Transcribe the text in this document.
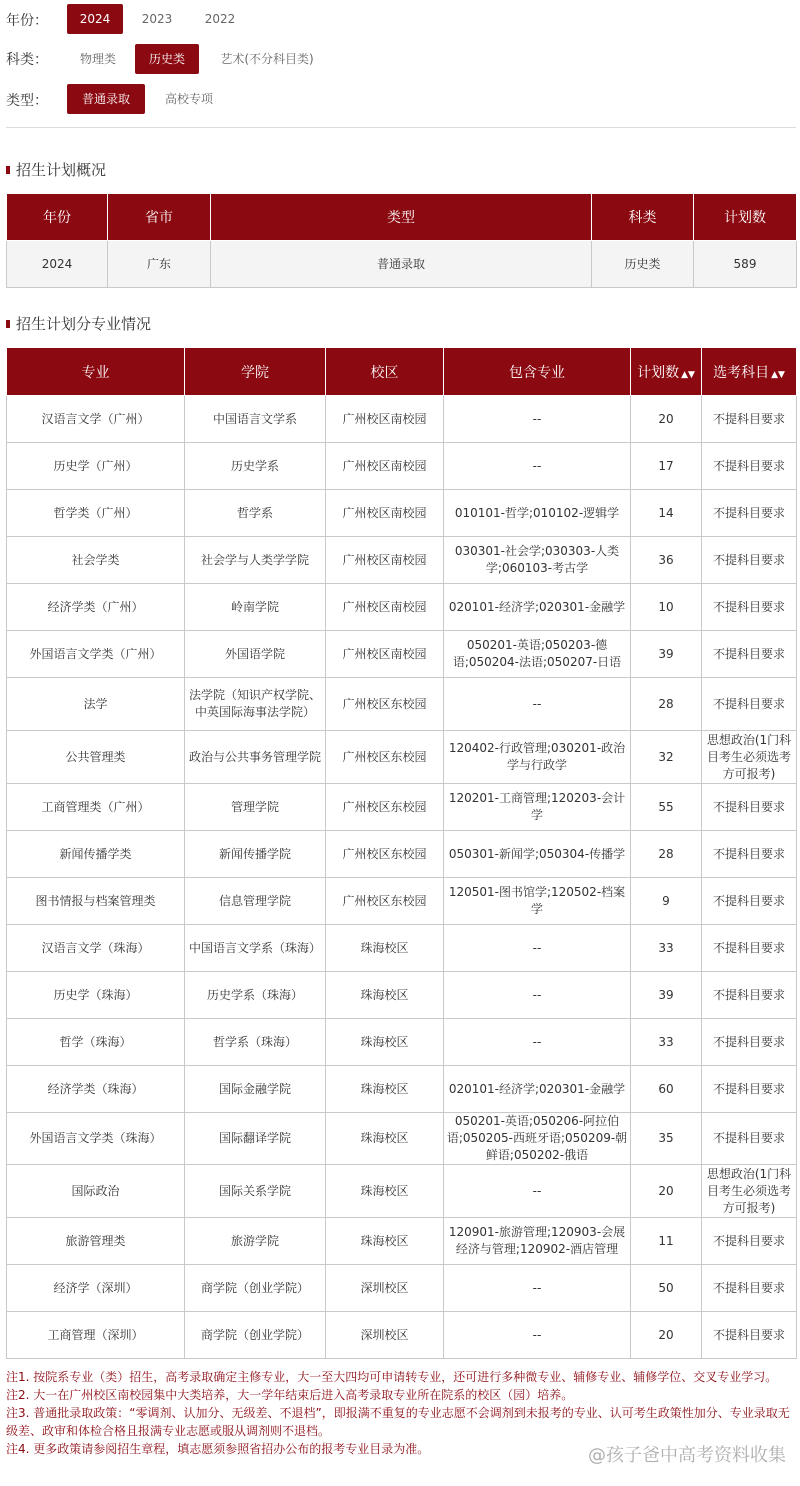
年份：	2024	2023	2022
科类：	物理类	历史类	艺术(不分科目类)
类型：	普通录取	高校专项
招生计划概况
年份	省市	类型	科类	计划数
2024	广东	普通录取	历史类	589
招生计划分专业情况
专业	学院	校区	包含专业	计划数 ▲▼	选考科目 ▲▼
汉语言文学（广州）	中国语言文学系	广州校区南校园	--	20	不提科目要求
历史学（广州）	历史学系	广州校区南校园	--	17	不提科目要求
哲学类（广州）	哲学系	广州校区南校园	010101-哲学;010102-逻辑学	14	不提科目要求
社会学类	社会学与人类学学院	广州校区南校园	030301-社会学;030303-人类学;060103-考古学	36	不提科目要求
经济学类（广州）	岭南学院	广州校区南校园	020101-经济学;020301-金融学	10	不提科目要求
外国语言文学类（广州）	外国语学院	广州校区南校园	050201-英语;050203-德语;050204-法语;050207-日语	39	不提科目要求
法学	法学院（知识产权学院、中英国际海事法学院）	广州校区东校园	--	28	不提科目要求
公共管理类	政治与公共事务管理学院	广州校区东校园	120402-行政管理;030201-政治学与行政学	32	思想政治(1门科目考生必须选考方可报考)
工商管理类（广州）	管理学院	广州校区东校园	120201-工商管理;120203-会计学	55	不提科目要求
新闻传播学类	新闻传播学院	广州校区东校园	050301-新闻学;050304-传播学	28	不提科目要求
图书情报与档案管理类	信息管理学院	广州校区东校园	120501-图书馆学;120502-档案学	9	不提科目要求
汉语言文学（珠海）	中国语言文学系（珠海）	珠海校区	--	33	不提科目要求
历史学（珠海）	历史学系（珠海）	珠海校区	--	39	不提科目要求
哲学（珠海）	哲学系（珠海）	珠海校区	--	33	不提科目要求
经济学类（珠海）	国际金融学院	珠海校区	020101-经济学;020301-金融学	60	不提科目要求
外国语言文学类（珠海）	国际翻译学院	珠海校区	050201-英语;050206-阿拉伯语;050205-西班牙语;050209-朝鲜语;050202-俄语	35	不提科目要求
国际政治	国际关系学院	珠海校区	--	20	思想政治(1门科目考生必须选考方可报考)
旅游管理类	旅游学院	珠海校区	120901-旅游管理;120903-会展经济与管理;120902-酒店管理	11	不提科目要求
经济学（深圳）	商学院（创业学院）	深圳校区	--	50	不提科目要求
工商管理（深圳）	商学院（创业学院）	深圳校区	--	20	不提科目要求

注1. 按院系专业（类）招生，高考录取确定主修专业，大一至大四均可申请转专业，还可进行多种微专业、辅修专业、辅修学位、交叉专业学习。

注2. 大一在广州校区南校园集中大类培养，大一学年结束后进入高考录取专业所在院系的校区（园）培养。

注3. 普通批录取政策：“零调剂、认加分、无级差、不退档”，即报满不重复的专业志愿不会调剂到未报考的专业、认可考生政策性加分、专业录取无级差、政审和体检合格且报满专业志愿或服从调剂则不退档。

注4. 更多政策请参阅招生章程，填志愿须参照省招办公布的报考专业目录为准。	@孩子爸中高考资料收集
